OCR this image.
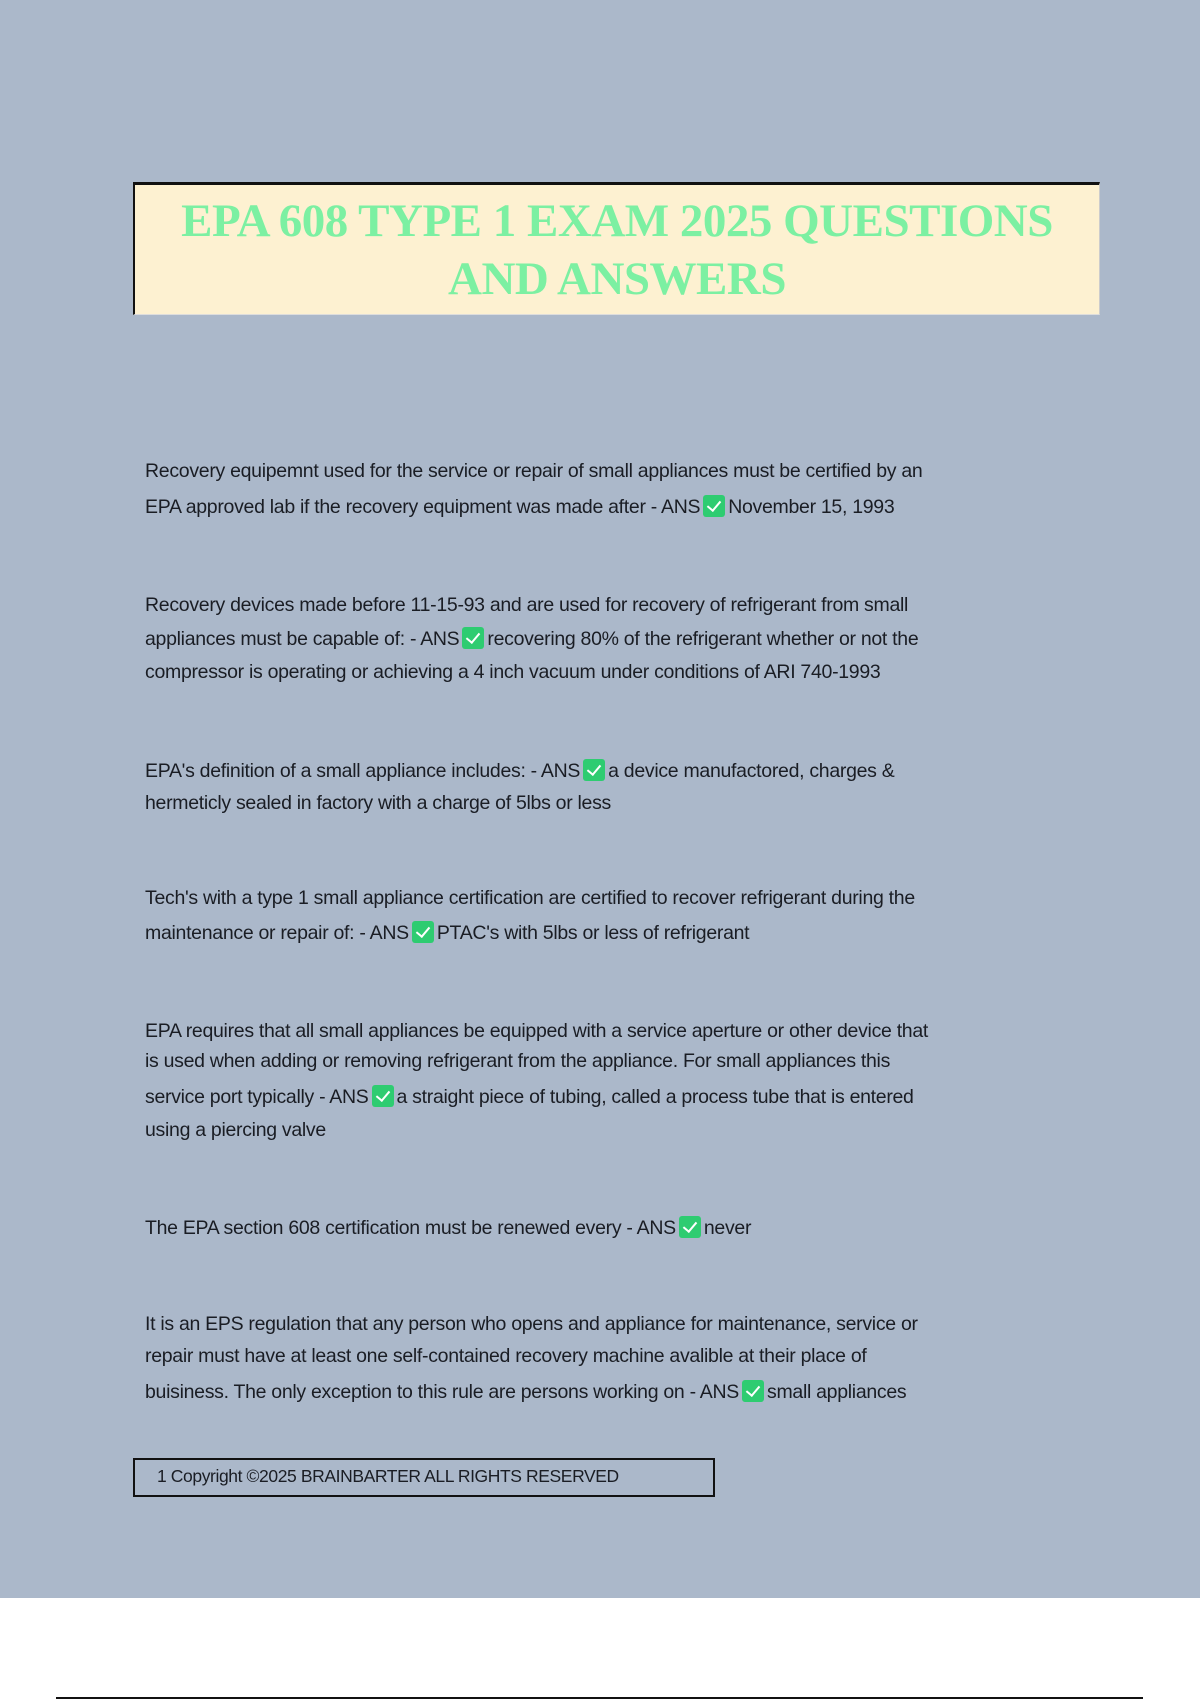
EPA 608 TYPE 1 EXAM 2025 QUESTIONS
AND ANSWERS
Recovery equipemnt used for the service or repair of small appliances must be certified by an
EPA approved lab if the recovery equipment was made after - ANS November 15, 1993
Recovery devices made before 11-15-93 and are used for recovery of refrigerant from small
appliances must be capable of: - ANS recovering 80% of the refrigerant whether or not the
compressor is operating or achieving a 4 inch vacuum under conditions of ARI 740-1993
EPA's definition of a small appliance includes: - ANS a device manufactored, charges &
hermeticly sealed in factory with a charge of 5lbs or less
Tech's with a type 1 small appliance certification are certified to recover refrigerant during the
maintenance or repair of: - ANS PTAC's with 5lbs or less of refrigerant
EPA requires that all small appliances be equipped with a service aperture or other device that
is used when adding or removing refrigerant from the appliance. For small appliances this
service port typically - ANS a straight piece of tubing, called a process tube that is entered
using a piercing valve
The EPA section 608 certification must be renewed every - ANS never
It is an EPS regulation that any person who opens and appliance for maintenance, service or
repair must have at least one self-contained recovery machine avalible at their place of
buisiness. The only exception to this rule are persons working on - ANS small appliances
1 Copyright ©2025 BRAINBARTER ALL RIGHTS RESERVED
